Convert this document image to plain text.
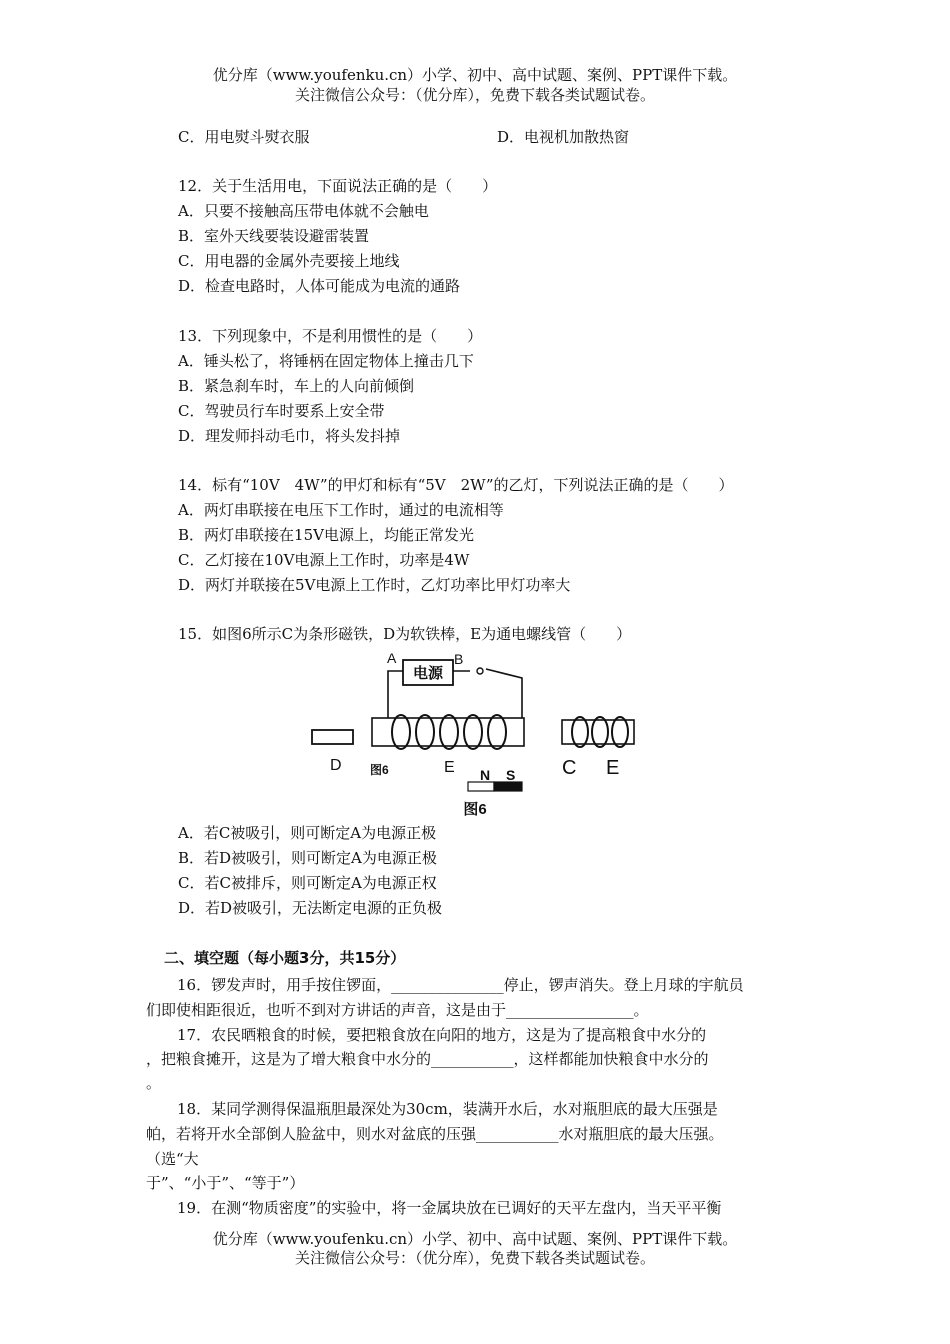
优分库（www.youfenku.cn）小学、初中、高中试题、案例、PPT课件下载。
关注微信公众号：（优分库），免费下载各类试题试卷。
C．用电熨斗熨衣服	D．电视机加散热窗
12．关于生活用电，下面说法正确的是（　　）
A．只要不接触高压带电体就不会触电
B．室外天线要装设避雷装置
C．用电器的金属外壳要接上地线
D．检查电路时，人体可能成为电流的通路
13．下列现象中，不是利用惯性的是（　　）
A．锤头松了，将锤柄在固定物体上撞击几下
B．紧急刹车时，车上的人向前倾倒
C．驾驶员行车时要系上安全带
D．理发师抖动毛巾，将头发抖掉
14．标有“10V　4W”的甲灯和标有“5V　2W”的乙灯，下列说法正确的是（　　）
A．两灯串联接在电压下工作时，通过的电流相等
B．两灯串联接在15V电源上，均能正常发光
C．乙灯接在10V电源上工作时，功率是4W
D．两灯并联接在5V电源上工作时，乙灯功率比甲灯功率大
15．如图6所示C为条形磁铁，D为软铁棒，E为通电螺线管（　　）
电源
A	B
D 图6	E N S C E
图6
A．若C被吸引，则可断定A为电源正极
B．若D被吸引，则可断定A为电源正极
C．若C被排斥，则可断定A为电源正权
D．若D被吸引，无法断定电源的正负极
二、填空题（每小题3分，共15分）
16．锣发声时，用手按住锣面，_______________停止，锣声消失。登上月球的宇航员
们即使相距很近，也听不到对方讲话的声音，这是由于_________________。
17．农民晒粮食的时候，要把粮食放在向阳的地方，这是为了提高粮食中水分的
，把粮食摊开，这是为了增大粮食中水分的___________，这样都能加快粮食中水分的
。
18．某同学测得保温瓶胆最深处为30cm，装满开水后，水对瓶胆底的最大压强是
帕，若将开水全部倒人脸盆中，则水对盆底的压强___________水对瓶胆底的最大压强。
（选“大
于”、“小于”、“等于”）
19．在测“物质密度”的实验中，将一金属块放在已调好的天平左盘内，当天平平衡
优分库（www.youfenku.cn）小学、初中、高中试题、案例、PPT课件下载。
关注微信公众号：（优分库），免费下载各类试题试卷。
